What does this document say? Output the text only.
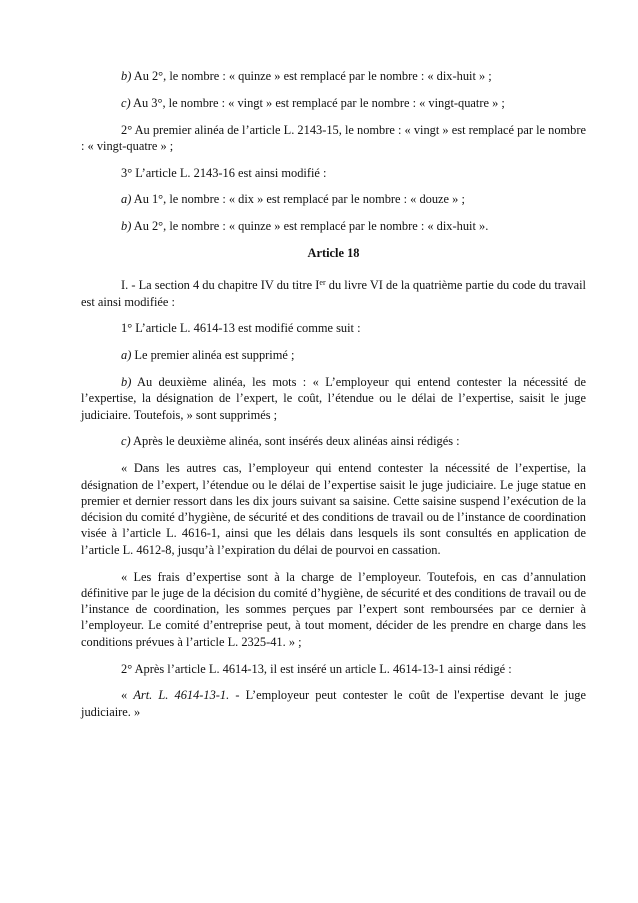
b) Au 2°, le nombre : « quinze » est remplacé par le nombre : « dix-huit » ;

c) Au 3°, le nombre : « vingt » est remplacé par le nombre : « vingt-quatre » ;

2° Au premier alinéa de l’article L. 2143-15, le nombre : « vingt » est remplacé par le nombre : « vingt-quatre » ;

3° L’article L. 2143-16 est ainsi modifié :

a) Au 1°, le nombre : « dix » est remplacé par le nombre : « douze » ;

b) Au 2°, le nombre : « quinze » est remplacé par le nombre : « dix-huit ».

Article 18

I. - La section 4 du chapitre IV du titre Ier du livre VI de la quatrième partie du code du travail est ainsi modifiée :

1° L’article L. 4614-13 est modifié comme suit :

a) Le premier alinéa est supprimé ;

b) Au deuxième alinéa, les mots : « L’employeur qui entend contester la nécessité de l’expertise, la désignation de l’expert, le coût, l’étendue ou le délai de l’expertise, saisit le juge judiciaire. Toutefois, » sont supprimés ;

c) Après le deuxième alinéa, sont insérés deux alinéas ainsi rédigés :

« Dans les autres cas, l’employeur qui entend contester la nécessité de l’expertise, la désignation de l’expert, l’étendue ou le délai de l’expertise saisit le juge judiciaire. Le juge statue en premier et dernier ressort dans les dix jours suivant sa saisine. Cette saisine suspend l’exécution de la décision du comité d’hygiène, de sécurité et des conditions de travail ou de l’instance de coordination visée à l’article L. 4616-1, ainsi que les délais dans lesquels ils sont consultés en application de l’article L. 4612-8, jusqu’à l’expiration du délai de pourvoi en cassation.

« Les frais d’expertise sont à la charge de l’employeur. Toutefois, en cas d’annulation définitive par le juge de la décision du comité d’hygiène, de sécurité et des conditions de travail ou de l’instance de coordination, les sommes perçues par l’expert sont remboursées par ce dernier à l’employeur. Le comité d’entreprise peut, à tout moment, décider de les prendre en charge dans les conditions prévues à l’article L. 2325-41. » ;

2° Après l’article L. 4614-13, il est inséré un article L. 4614-13-1 ainsi rédigé :

« Art. L. 4614-13-1. - L’employeur peut contester le coût de l'expertise devant le juge judiciaire. »
